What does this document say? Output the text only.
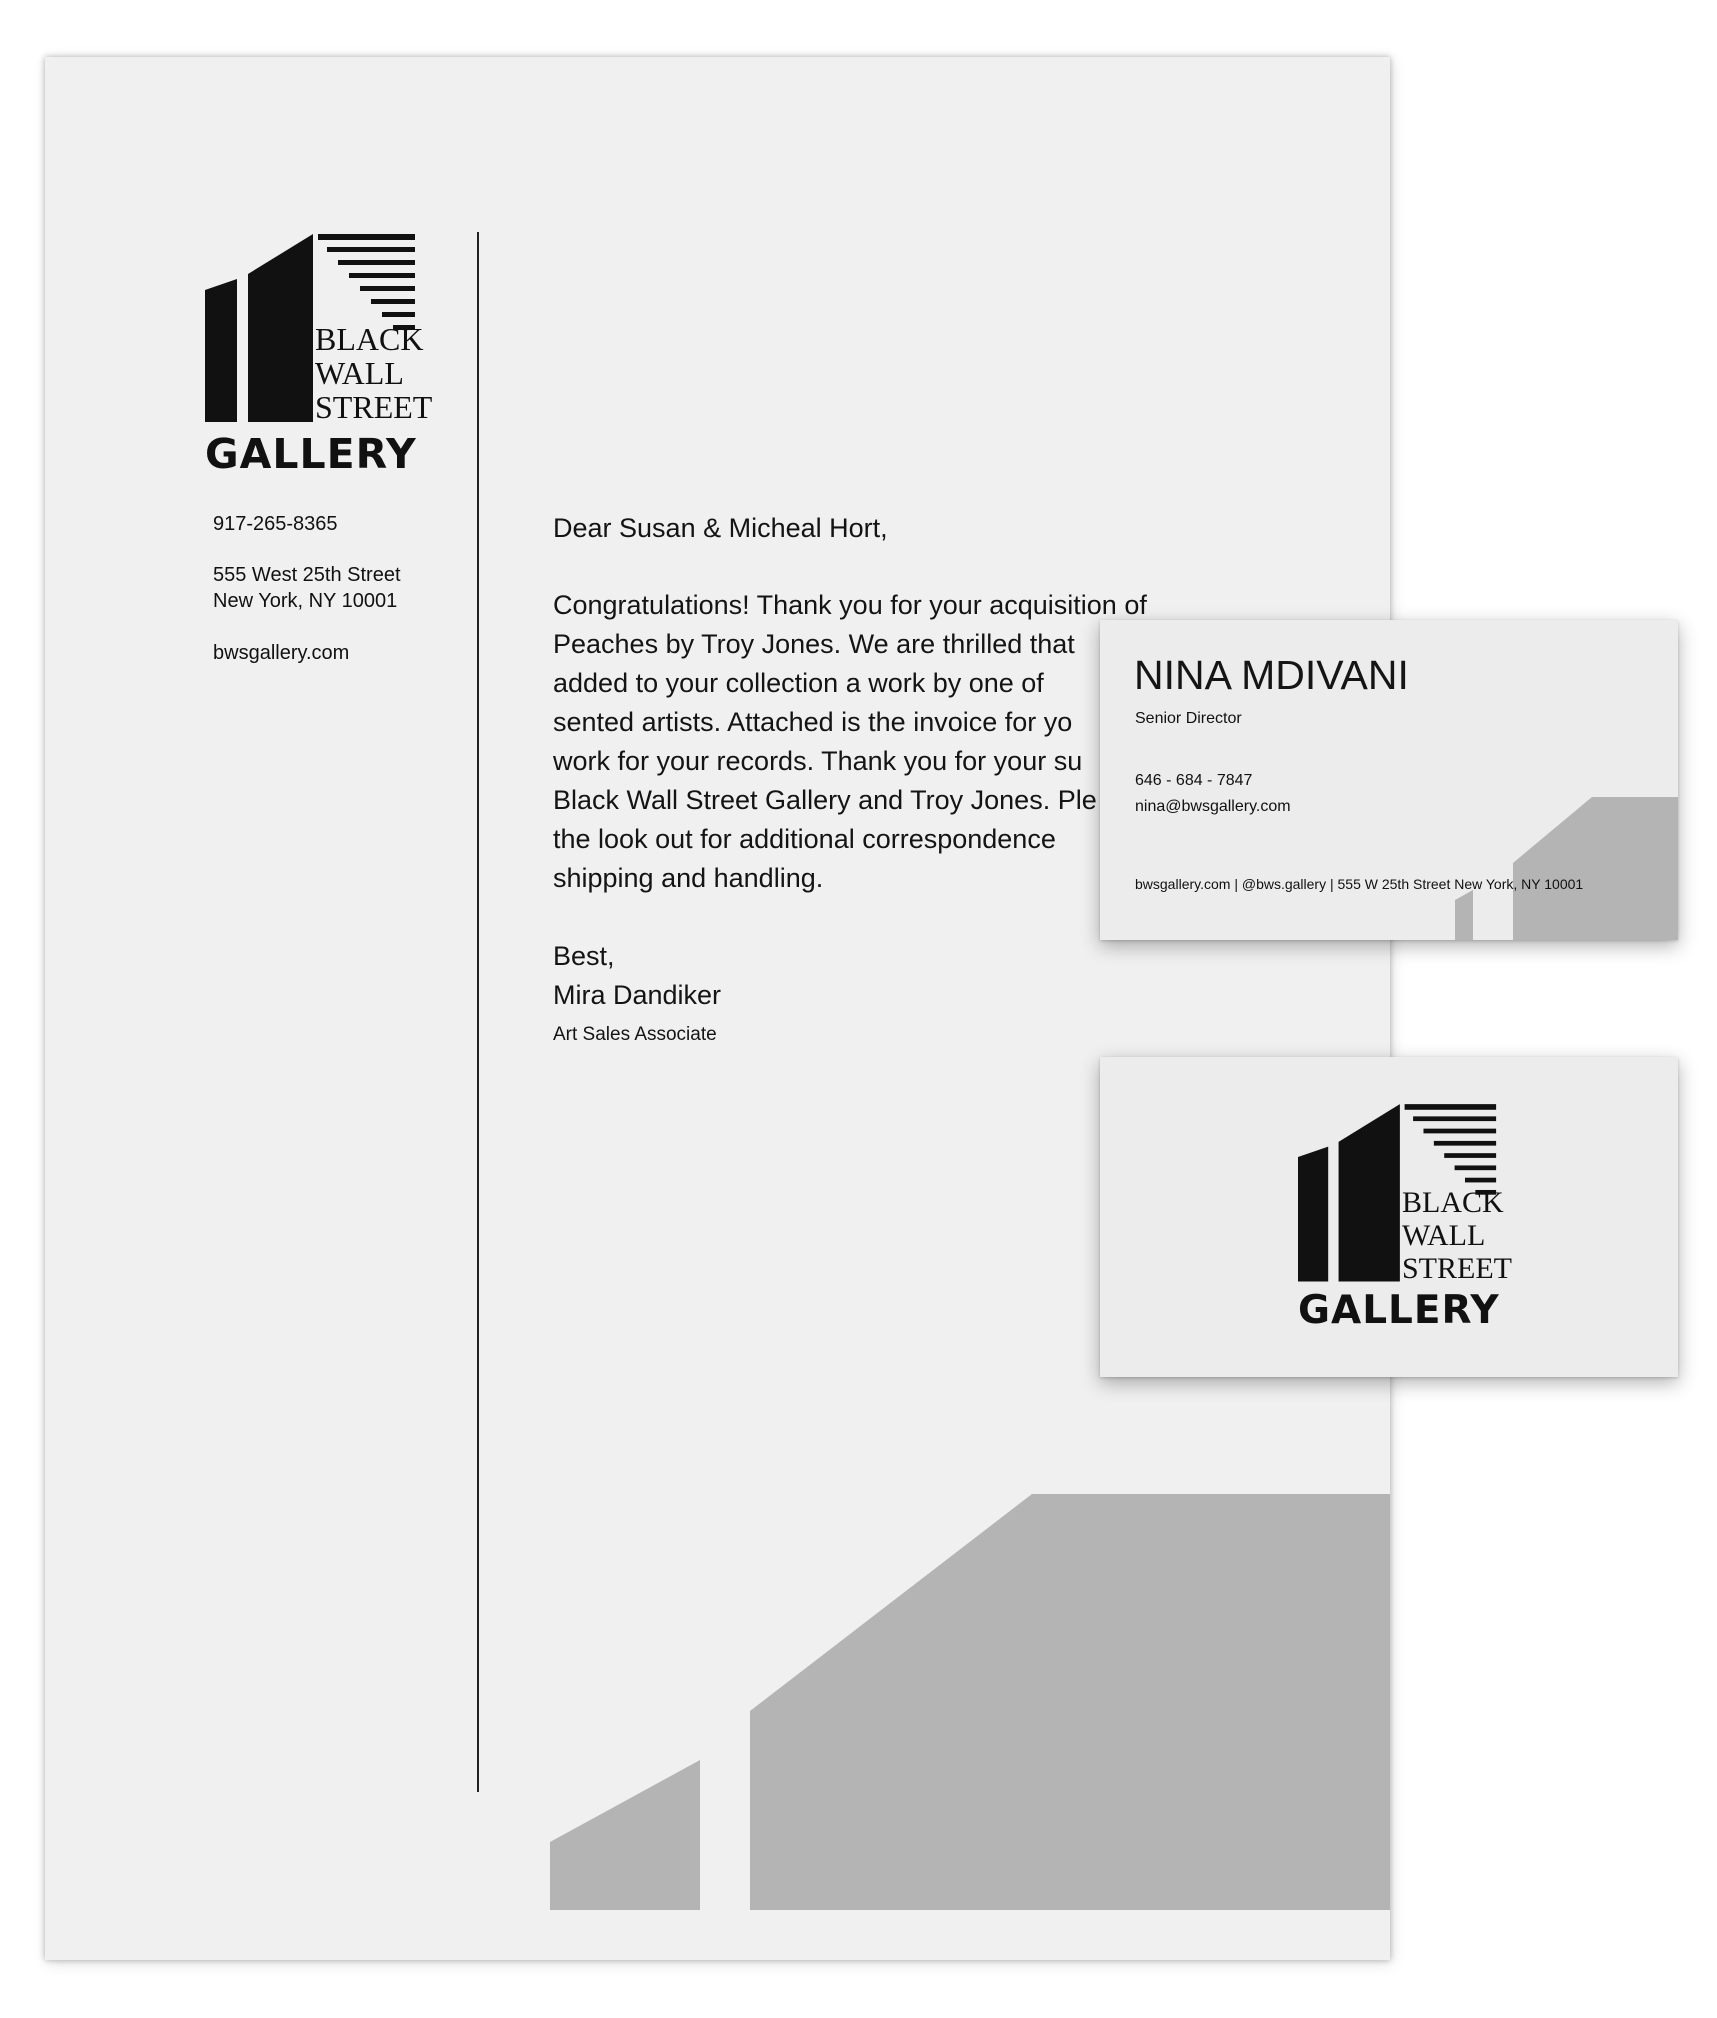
BLACK
WALL
STREET
GALLERY
917-265-8365
555 West 25th Street
New York, NY 10001
bwsgallery.com
Dear Susan & Micheal Hort,
Congratulations! Thank you for your acquisition of
Peaches by Troy Jones. We are thrilled that
added to your collection a work by one of
sented artists. Attached is the invoice for yo
work for your records. Thank you for your su
Black Wall Street Gallery and Troy Jones. Ple
the look out for additional correspondence
shipping and handling.
Best,
Mira Dandiker
Art Sales Associate
NINA MDIVANI
Senior Director
646 - 684 - 7847
nina@bwsgallery.com
bwsgallery.com | @bws.gallery | 555 W 25th Street New York, NY 10001
BLACK
WALL
STREET
GALLERY
